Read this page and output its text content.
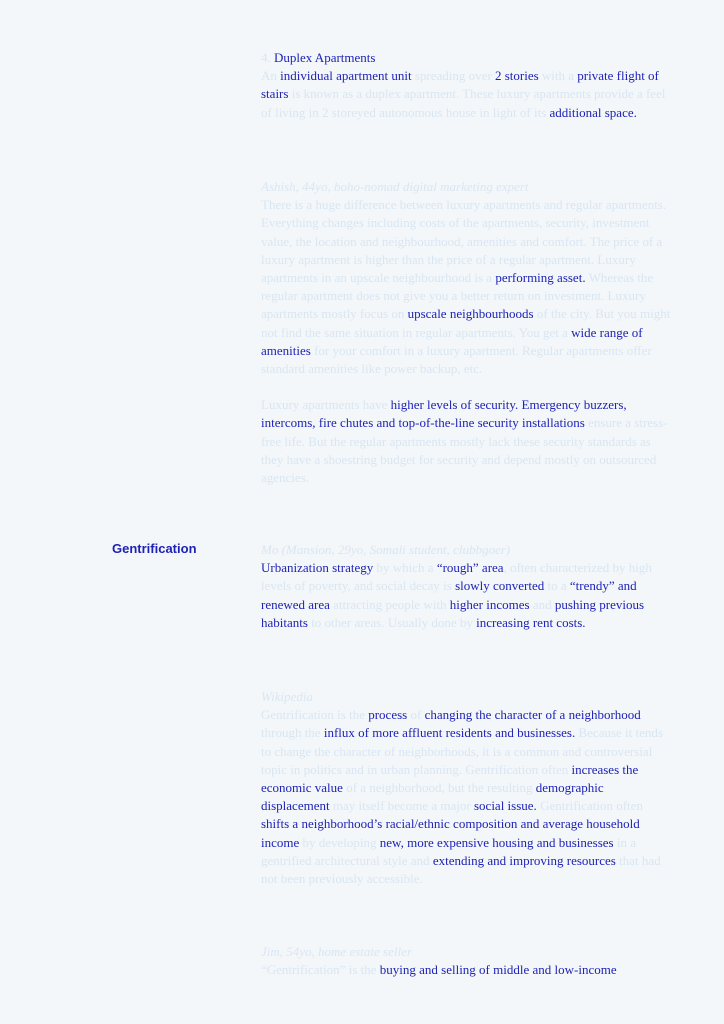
4. Duplex Apartments

An individual apartment unit spreading over 2 stories with a private flight of stairs is known as a duplex apartment. These luxury apartments provide a feel of living in 2 storeyed autonomous house in light of its additional space.

Ashish, 44yo, boho-nomad digital marketing expert

There is a huge difference between luxury apartments and regular apartments. Everything changes including costs of the apartments, security, investment value, the location and neighbourhood, amenities and comfort. The price of a luxury apartment is higher than the price of a regular apartment. Luxury apartments in an upscale neighbourhood is a performing asset. Whereas the regular apartment does not give you a better return on investment. Luxury apartments mostly focus on upscale neighbourhoods of the city. But you might not find the same situation in regular apartments. You get a wide range of amenities for your comfort in a luxury apartment. Regular apartments offer standard amenities like power backup, etc.

Luxury apartments have higher levels of security. Emergency buzzers, intercoms, fire chutes and top-of-the-line security installations ensure a stress-free life. But the regular apartments mostly lack these security standards as they have a shoestring budget for security and depend mostly on outsourced agencies.

Gentrification	Mo (Mansion, 29yo, Somali student, clubbgoer)

Urbanization strategy by which a “rough” area, often characterized by high levels of poverty, and social decay is slowly converted to a “trendy” and renewed area attracting people with higher incomes and pushing previous habitants to other areas. Usually done by increasing rent costs.

Wikipedia

Gentrification is the process of changing the character of a neighborhood through the influx of more affluent residents and businesses. Because it tends to change the character of neighborhoods, it is a common and controversial topic in politics and in urban planning. Gentrification often increases the economic value of a neighborhood, but the resulting demographic displacement may itself become a major social issue. Gentrification often shifts a neighborhood’s racial/ethnic composition and average household income by developing new, more expensive housing and businesses in a gentrified architectural style and extending and improving resources that had not been previously accessible.

Jim, 54yo, home estate seller

“Gentrification” is the buying and selling of middle and low-income
